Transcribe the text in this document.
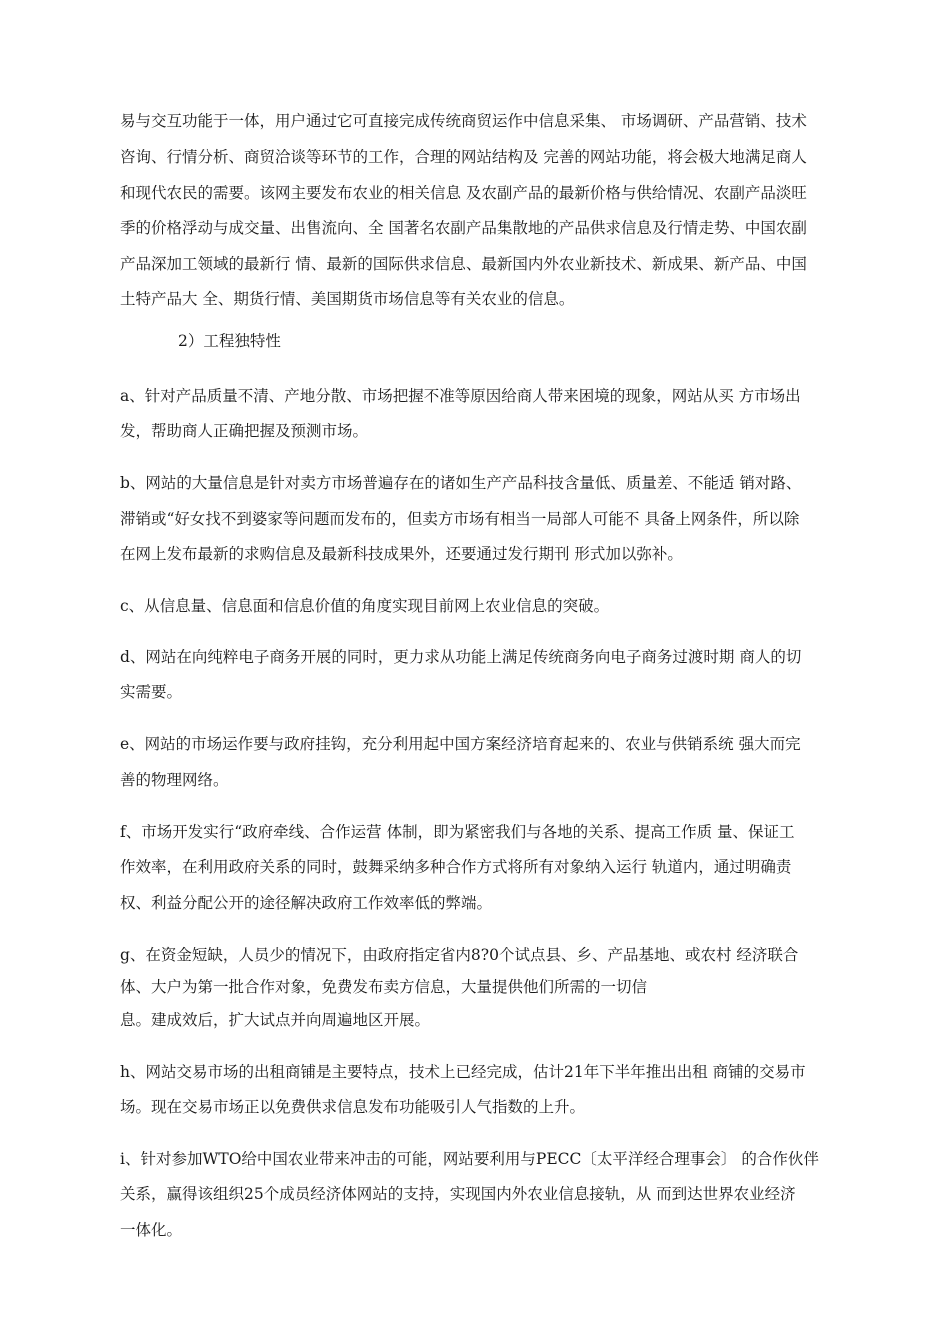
易与交互功能于一体，用户通过它可直接完成传统商贸运作中信息采集、 市场调研、产品营销、技术

咨询、行情分析、商贸洽谈等环节的工作，合理的网站结构及 完善的网站功能，将会极大地满足商人

和现代农民的需要。该网主要发布农业的相关信息 及农副产品的最新价格与供给情况、农副产品淡旺

季的价格浮动与成交量、出售流向、全 国著名农副产品集散地的产品供求信息及行情走势、中国农副

产品深加工领域的最新行 情、最新的国际供求信息、最新国内外农业新技术、新成果、新产品、中国

土特产品大 全、期货行情、美国期货市场信息等有关农业的信息。

2）工程独特性

a、针对产品质量不清、产地分散、市场把握不准等原因给商人带来困境的现象，网站从买 方市场出

发，帮助商人正确把握及预测市场。

b、网站的大量信息是针对卖方市场普遍存在的诸如生产产品科技含量低、质量差、不能适 销对路、

滞销或“好女找不到婆家等问题而发布的，但卖方市场有相当一局部人可能不 具备上网条件，所以除

在网上发布最新的求购信息及最新科技成果外，还要通过发行期刊 形式加以弥补。

c、从信息量、信息面和信息价值的角度实现目前网上农业信息的突破。

d、网站在向纯粹电子商务开展的同时，更力求从功能上满足传统商务向电子商务过渡时期 商人的切

实需要。

e、网站的市场运作要与政府挂钩，充分利用起中国方案经济培育起来的、农业与供销系统 强大而完

善的物理网络。

f、市场开发实行“政府牵线、合作运营 体制，即为紧密我们与各地的关系、提高工作质 量、保证工

作效率，在利用政府关系的同时，鼓舞采纳多种合作方式将所有对象纳入运行 轨道内，通过明确责

权、利益分配公开的途径解决政府工作效率低的弊端。

g、在资金短缺，人员少的情况下，由政府指定省内8?0个试点县、乡、产品基地、或农村 经济联合

体、大户为第一批合作对象，免费发布卖方信息，大量提供他们所需的一切信

息。建成效后，扩大试点并向周遍地区开展。

h、网站交易市场的出租商铺是主要特点，技术上已经完成，估计21年下半年推出出租 商铺的交易市

场。现在交易市场正以免费供求信息发布功能吸引人气指数的上升。

i、针对参加WTO给中国农业带来冲击的可能，网站要利用与PECC〔太平洋经合理事会〕 的合作伙伴

关系，赢得该组织25个成员经济体网站的支持，实现国内外农业信息接轨，从 而到达世界农业经济

一体化。
